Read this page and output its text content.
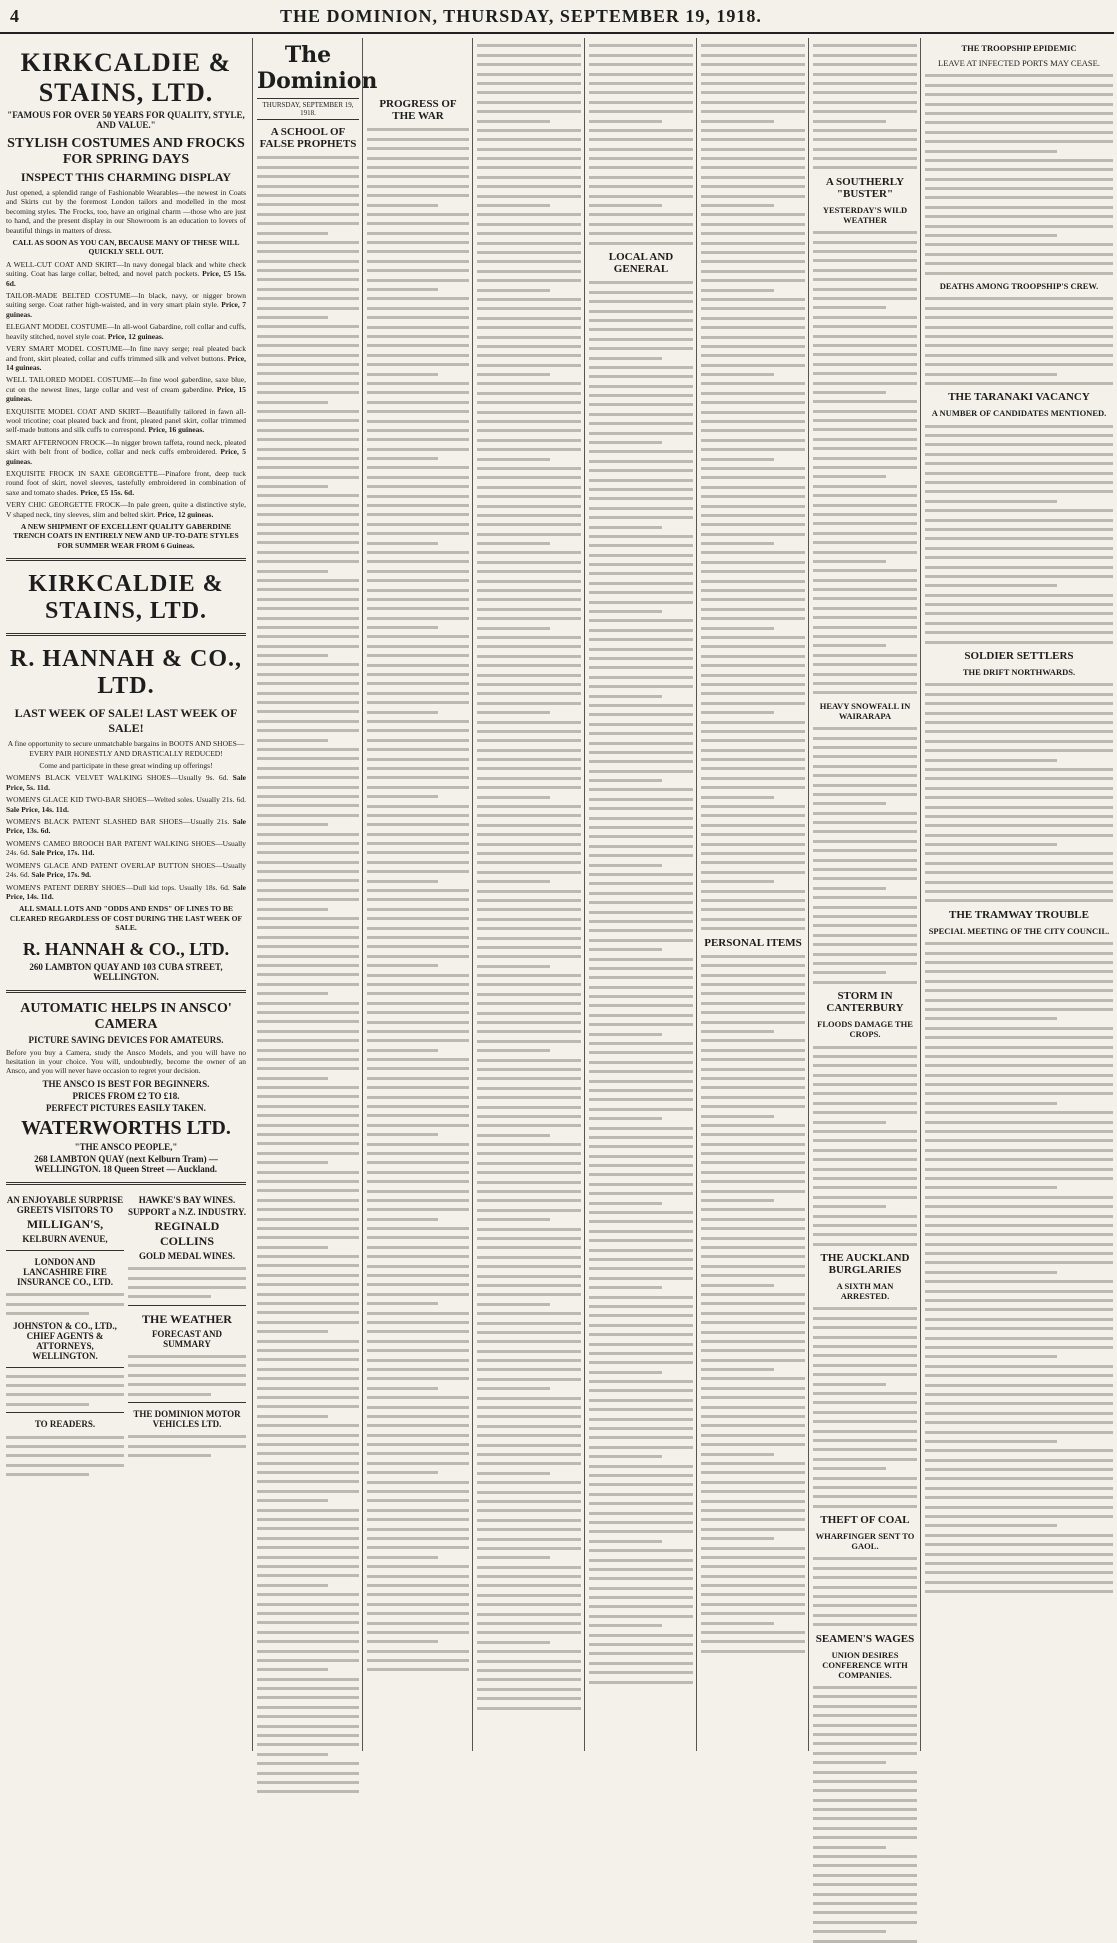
4	THE DOMINION, THURSDAY, SEPTEMBER 19, 1918.
KIRKCALDIE & STAINS, LTD.
"FAMOUS FOR OVER 50 YEARS FOR QUALITY, STYLE, AND VALUE."
STYLISH COSTUMES AND FROCKS FOR SPRING DAYS
INSPECT THIS CHARMING DISPLAY

Just opened, a splendid range of Fashionable Wearables—the newest in Coats and Skirts cut by the foremost London tailors and modelled in the most becoming styles. The Frocks, too, have an original charm —those who are just to hand, and the present display in our Showroom is an education to lovers of beautiful things in matters of dress.

CALL AS SOON AS YOU CAN, BECAUSE MANY OF THESE WILL QUICKLY SELL OUT.

A WELL-CUT COAT AND SKIRT—In navy donegal black and white check suiting. Coat has large collar, belted, and novel patch pockets. Price, £5 15s. 6d.

TAILOR-MADE BELTED COSTUME—In black, navy, or nigger brown suiting serge. Coat rather high-waisted, and in very smart plain style. Price, 7 guineas.

ELEGANT MODEL COSTUME—In all-wool Gabardine, roll collar and cuffs, heavily stitched, novel style coat. Price, 12 guineas.

VERY SMART MODEL COSTUME—In fine navy serge; real pleated back and front, skirt pleated, collar and cuffs trimmed silk and velvet buttons. Price, 14 guineas.

WELL TAILORED MODEL COSTUME—In fine wool gaberdine, saxe blue, cut on the newest lines, large collar and vest of cream gaberdine. Price, 15 guineas.

EXQUISITE MODEL COAT AND SKIRT—Beautifully tailored in fawn all-wool tricotine; coat pleated back and front, pleated panel skirt, collar trimmed self-made buttons and silk cuffs to correspond. Price, 16 guineas.

SMART AFTERNOON FROCK—In nigger brown taffeta, round neck, pleated skirt with belt front of bodice, collar and neck cuffs embroidered. Price, 5 guineas.

EXQUISITE FROCK IN SAXE GEORGETTE—Pinafore front, deep tuck round foot of skirt, novel sleeves, tastefully embroidered in combination of saxe and tomato shades. Price, £5 15s. 6d.

VERY CHIC GEORGETTE FROCK—In pale green, quite a distinctive style, V shaped neck, tiny sleeves, slim and belted skirt. Price, 12 guineas.

A NEW SHIPMENT OF EXCELLENT QUALITY GABERDINE TRENCH COATS IN ENTIRELY NEW AND UP-TO-DATE STYLES FOR SUMMER WEAR FROM 6 Guineas.

KIRKCALDIE & STAINS, LTD.
R. HANNAH & CO., LTD.
LAST WEEK OF SALE! LAST WEEK OF SALE!

A fine opportunity to secure unmatchable bargains in BOOTS AND SHOES—EVERY PAIR HONESTLY AND DRASTICALLY REDUCED!

Come and participate in these great winding up offerings!

WOMEN'S BLACK VELVET WALKING SHOES—Usually 9s. 6d. Sale Price, 5s. 11d.
WOMEN'S GLACE KID TWO-BAR SHOES—Welted soles. Usually 21s. 6d. Sale Price, 14s. 11d.
WOMEN'S BLACK PATENT SLASHED BAR SHOES—Usually 21s. Sale Price, 13s. 6d.
WOMEN'S CAMEO BROOCH BAR PATENT WALKING SHOES—Usually 24s. 6d. Sale Price, 17s. 11d.
WOMEN'S GLACE AND PATENT OVERLAP BUTTON SHOES—Usually 24s. 6d. Sale Price, 17s. 9d.
WOMEN'S PATENT DERBY SHOES—Dull kid tops. Usually 18s. 6d. Sale Price, 14s. 11d.

ALL SMALL LOTS AND "ODDS AND ENDS" OF LINES TO BE CLEARED REGARDLESS OF COST DURING THE LAST WEEK OF SALE.

R. HANNAH & CO., LTD.
260 LAMBTON QUAY AND 103 CUBA STREET, WELLINGTON.
AUTOMATIC HELPS IN ANSCO' CAMERA
PICTURE SAVING DEVICES FOR AMATEURS.

Before you buy a Camera, study the Ansco Models, and you will have no hesitation in your choice. You will, undoubtedly, become the owner of an Ansco, and you will never have occasion to regret your decision.

THE ANSCO IS BEST FOR BEGINNERS.
PRICES FROM £2 TO £18.
PERFECT PICTURES EASILY TAKEN.
WATERWORTHS LTD.
"THE ANSCO PEOPLE,"
268 LAMBTON QUAY (next Kelburn Tram) — WELLINGTON. 18 Queen Street — Auckland.
AN ENJOYABLE SURPRISE GREETS VISITORS TO
MILLIGAN'S,
KELBURN AVENUE,
LONDON AND LANCASHIRE FIRE INSURANCE CO., LTD.
JOHNSTON & CO., LTD., CHIEF AGENTS & ATTORNEYS, WELLINGTON.
TO READERS.
HAWKE'S BAY WINES.
SUPPORT a N.Z. INDUSTRY.
REGINALD COLLINS
GOLD MEDAL WINES.
THE WEATHER
FORECAST AND SUMMARY
THE DOMINION MOTOR VEHICLES LTD.
The Dominion
THURSDAY, SEPTEMBER 19, 1918.
A SCHOOL OF FALSE PROPHETS
PROGRESS OF THE WAR
LOCAL AND GENERAL
PERSONAL ITEMS
A SOUTHERLY "BUSTER"
YESTERDAY'S WILD WEATHER
HEAVY SNOWFALL IN WAIRARAPA
STORM IN CANTERBURY
FLOODS DAMAGE THE CROPS.
THE AUCKLAND BURGLARIES
A SIXTH MAN ARRESTED.
THEFT OF COAL
WHARFINGER SENT TO GAOL.
SEAMEN'S WAGES
UNION DESIRES CONFERENCE WITH COMPANIES.
THE TROOPSHIP EPIDEMIC
LEAVE AT INFECTED PORTS MAY CEASE.
DEATHS AMONG TROOPSHIP'S CREW.
THE TARANAKI VACANCY
A NUMBER OF CANDIDATES MENTIONED.
SOLDIER SETTLERS
THE DRIFT NORTHWARDS.
THE TRAMWAY TROUBLE
SPECIAL MEETING OF THE CITY COUNCIL.
